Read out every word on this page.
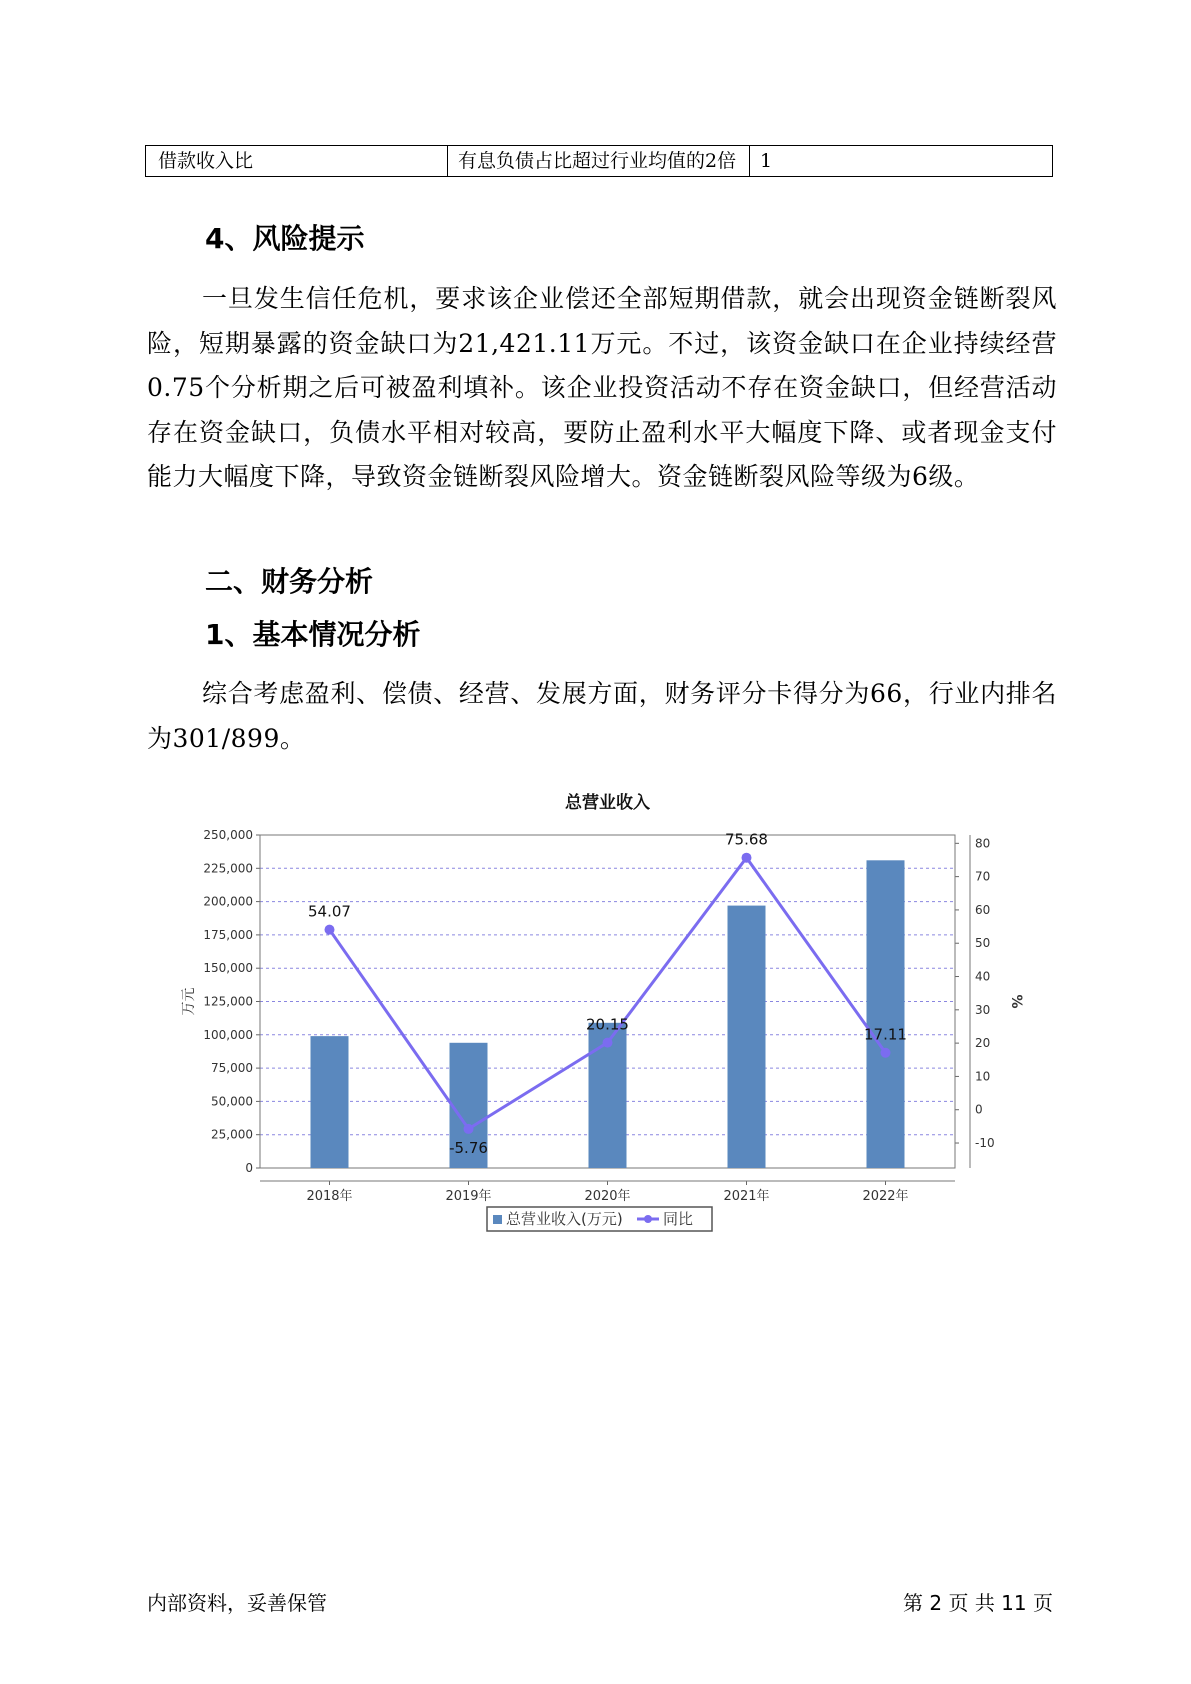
借款收入比	有息负债占比超过行业均值的2倍	1
4、风险提示

一旦发生信任危机，要求该企业偿还全部短期借款，就会出现资金链断裂风险，短期暴露的资金缺口为21,421.11万元。不过，该资金缺口在企业持续经营 0.75个分析期之后可被盈利填补。该企业投资活动不存在资金缺口，但经营活动存在资金缺口，负债水平相对较高，要防止盈利水平大幅度下降、或者现金支付能力大幅度下降，导致资金链断裂风险增大。资金链断裂风险等级为6级。

二、财务分析
1、基本情况分析

综合考虑盈利、偿债、经营、发展方面，财务评分卡得分为66，行业内排名为301/899。

总营业收入
0
25,000
50,000
75,000
100,000
125,000
150,000
175,000
200,000
225,000
250,000
-10
0
10
20
30
40
50
60
70
80
万元	%
2018年	2019年	2020年	2021年	2022年
54.07
-5.76
20.15
75.68
17.11
总营业收入(万元)	同比
内部资料，妥善保管	第 2 页 共 11 页
